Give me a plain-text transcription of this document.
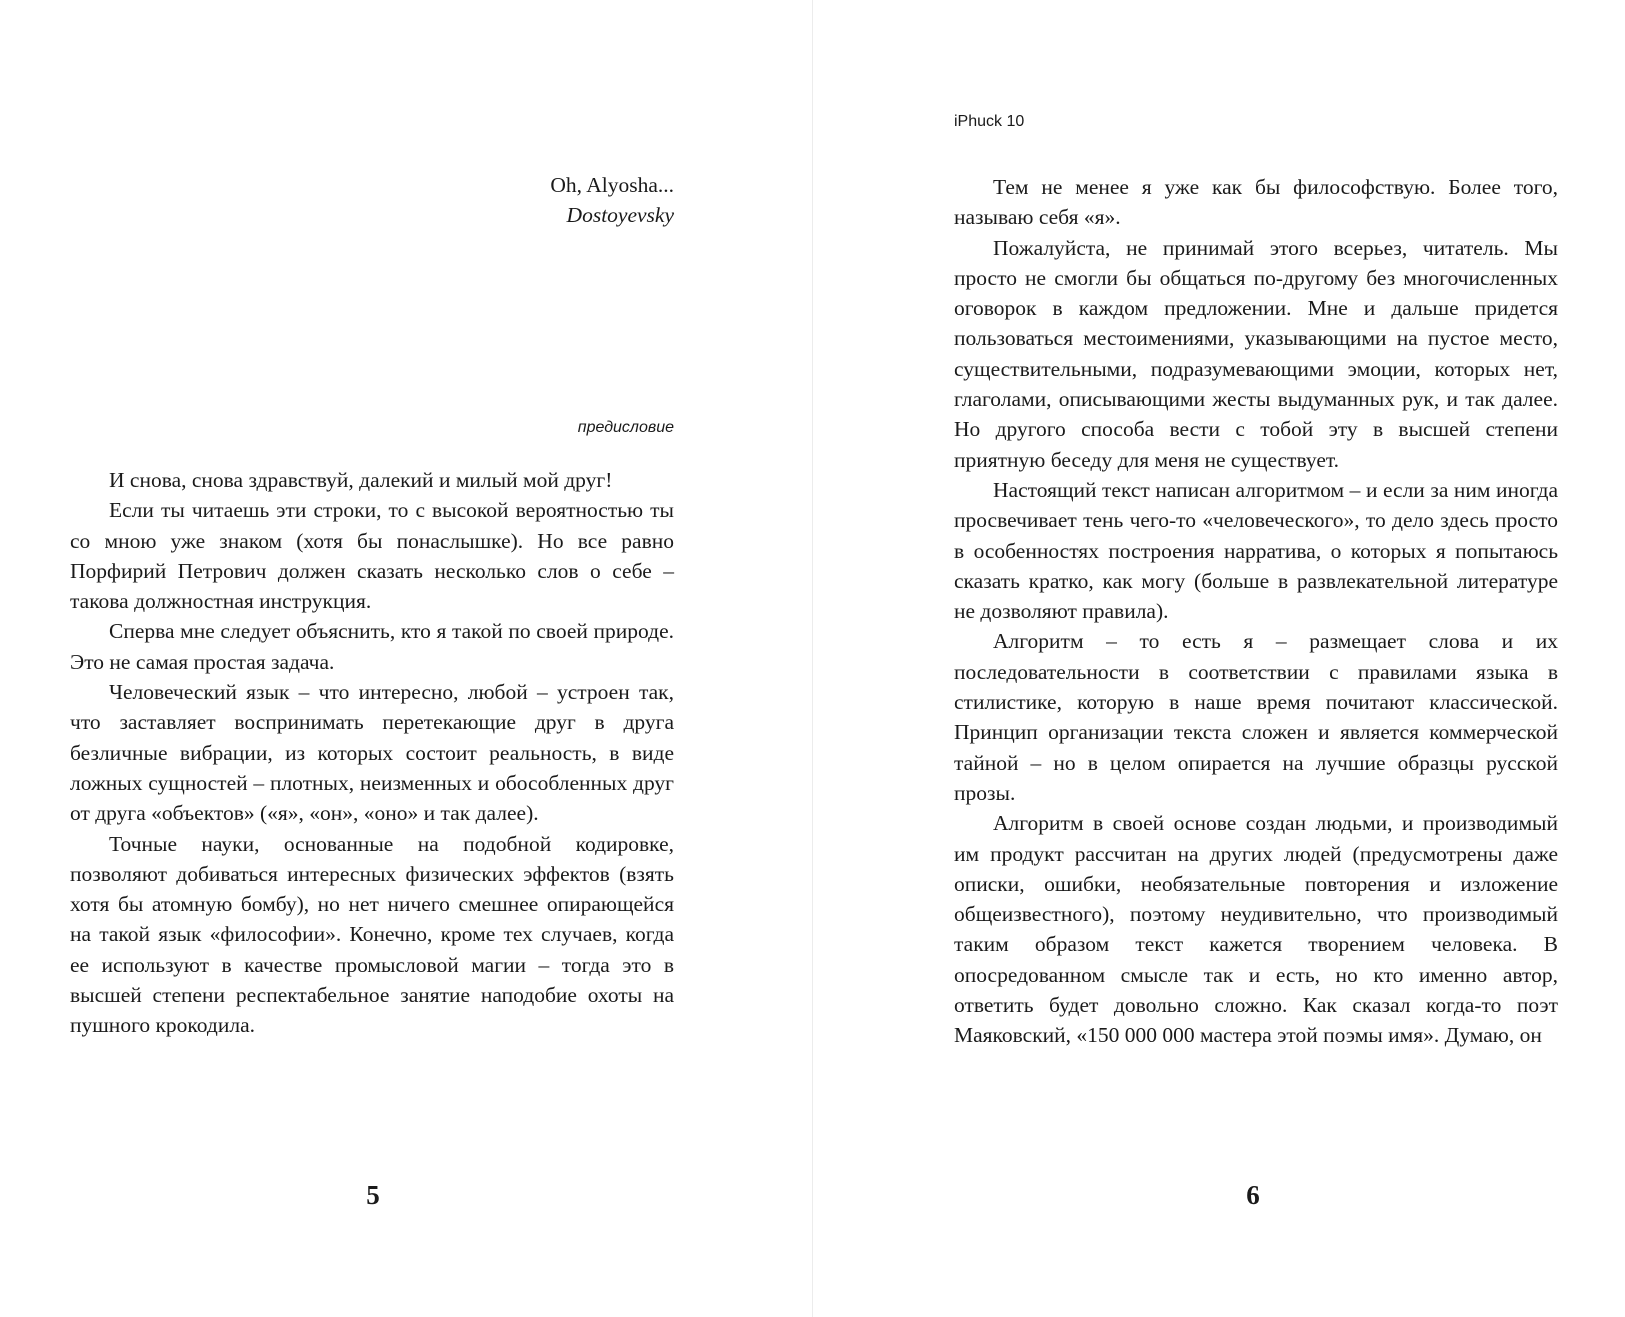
Oh, Alyosha...
Dostoyevsky
предисловие

И снова, снова здравствуй, далекий и милый мой друг!

Если ты читаешь эти строки, то с высокой вероятностью ты со мною уже знаком (хотя бы понаслышке). Но все равно Порфирий Петрович должен сказать несколько слов о себе – такова должностная инструкция.

Сперва мне следует объяснить, кто я такой по своей природе. Это не самая простая задача.

Человеческий язык – что интересно, любой – устроен так, что заставляет воспринимать перетекающие друг в друга безличные вибрации, из которых состоит реальность, в виде ложных сущностей – плотных, неизменных и обособленных друг от друга «объектов» («я», «он», «оно» и так далее).

Точные науки, основанные на подобной кодировке, позволяют добиваться интересных физических эффектов (взять хотя бы атомную бомбу), но нет ничего смешнее опирающейся на такой язык «философии». Конечно, кроме тех случаев, когда ее используют в качестве промысловой магии – тогда это в высшей степени респектабельное занятие наподобие охоты на пушного крокодила.

5
iPhuck 10

Тем не менее я уже как бы философствую. Более того, называю себя «я».

Пожалуйста, не принимай этого всерьез, читатель. Мы просто не смогли бы общаться по-другому без многочисленных оговорок в каждом предложении. Мне и дальше придется пользоваться местоимениями, указывающими на пустое место, существительными, подразумевающими эмоции, которых нет, глаголами, описывающими жесты выдуманных рук, и так далее. Но другого способа вести с тобой эту в высшей степени приятную беседу для меня не существует.

Настоящий текст написан алгоритмом – и если за ним иногда просвечивает тень чего-то «человеческого», то дело здесь просто в особенностях построения нарратива, о которых я попытаюсь сказать кратко, как могу (больше в развлекательной литературе не дозволяют правила).

Алгоритм – то есть я – размещает слова и их последовательности в соответствии с правилами языка в стилистике, которую в наше время почитают классической. Принцип организации текста сложен и является коммерческой тайной – но в целом опирается на лучшие образцы русской прозы.

Алгоритм в своей основе создан людьми, и производимый им продукт рассчитан на других людей (предусмотрены даже описки, ошибки, необязательные повторения и изложение общеизвестного), поэтому неудивительно, что производимый таким образом текст кажется творением человека. В опосредованном смысле так и есть, но кто именно автор, ответить будет довольно сложно. Как сказал когда-то поэт Маяковский, «150 000 000 мастера этой поэмы имя». Думаю, он

6
